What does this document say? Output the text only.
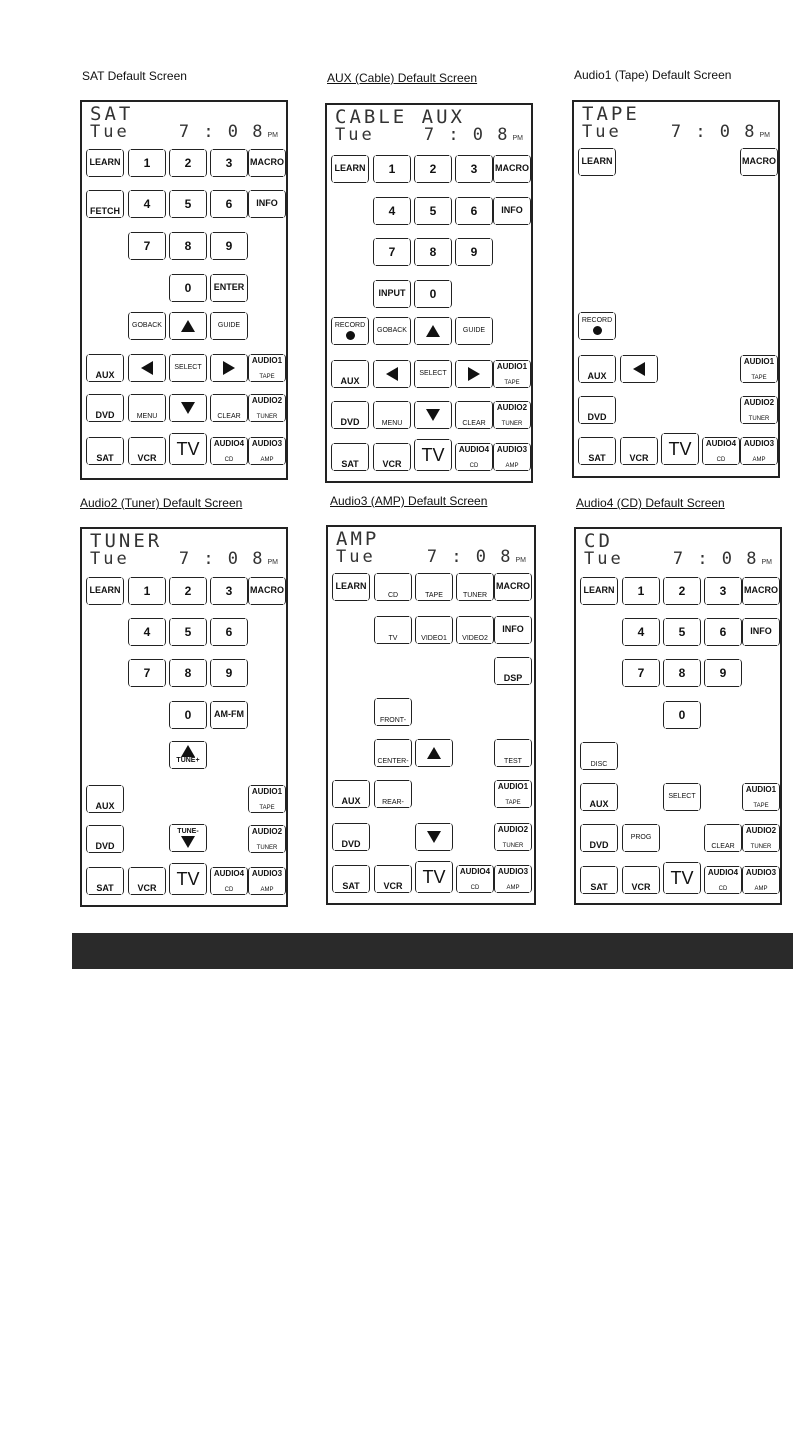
SAT Default Screen	AUX (Cable) Default Screen	Audio1 (Tape) Default Screen
Audio2 (Tuner) Default Screen	Audio3 (AMP) Default Screen	Audio4 (CD) Default Screen
SAT
Tue	7 : 0 8 PM
LEARN 1	2	3 MACRO
FETCH 4	5	6	INFO
7	8	9
0 ENTER
GOBACK	GUIDE
SELECT
MENU	CLEAR
AUX
DVD
SAT	VCR TV
AUDIO1
TAPE
AUDIO2
TUNER
AUDIO4
CD
AUDIO3
AMP
CABLE AUX
Tue	7 : 0 8 PM
LEARN 1	2	3 MACRO
4	5	6	INFO
7	8	9
INPUT 0
RECORD
GOBACK	GUIDE
SELECT
MENU	CLEAR
AUX
DVD
SAT	VCR TV
AUDIO1
TAPE
AUDIO2
TUNER
AUDIO4
CD
AUDIO3
AMP
TAPE
Tue	7 : 0 8 PM
LEARN	MACRO
RECORD
AUX
DVD
SAT	VCR TV
AUDIO1
TAPE
AUDIO2
TUNER
AUDIO4
CD
AUDIO3
AMP
TUNER
Tue	7 : 0 8 PM
LEARN 1	2	3 MACRO
4	5	6
7	8	9
0	AM-FM
TUNE+
TUNE-
AUX
DVD
SAT	VCR TV
AUDIO1
TAPE
AUDIO2
TUNER
AUDIO4
CD
AUDIO3
AMP
AMP
Tue	7 : 0 8 PM
LEARN
CD	TAPE	TUNER
MACRO
TV	VIDEO1 VIDEO2
INFO
DSP
FRONT-
CENTER-	TEST
REAR-
AUX
DVD
SAT	VCR TV
AUDIO1
TAPE
AUDIO2
TUNER
AUDIO4
CD
AUDIO3
AMP
CD
Tue	7 : 0 8 PM
LEARN 1	2	3 MACRO
4	5	6	INFO
7	8	9
0
DISC
SELECT
PROG
CLEAR
AUX
DVD
SAT	VCR TV
AUDIO1
TAPE
AUDIO2
TUNER
AUDIO4
CD
AUDIO3
AMP
